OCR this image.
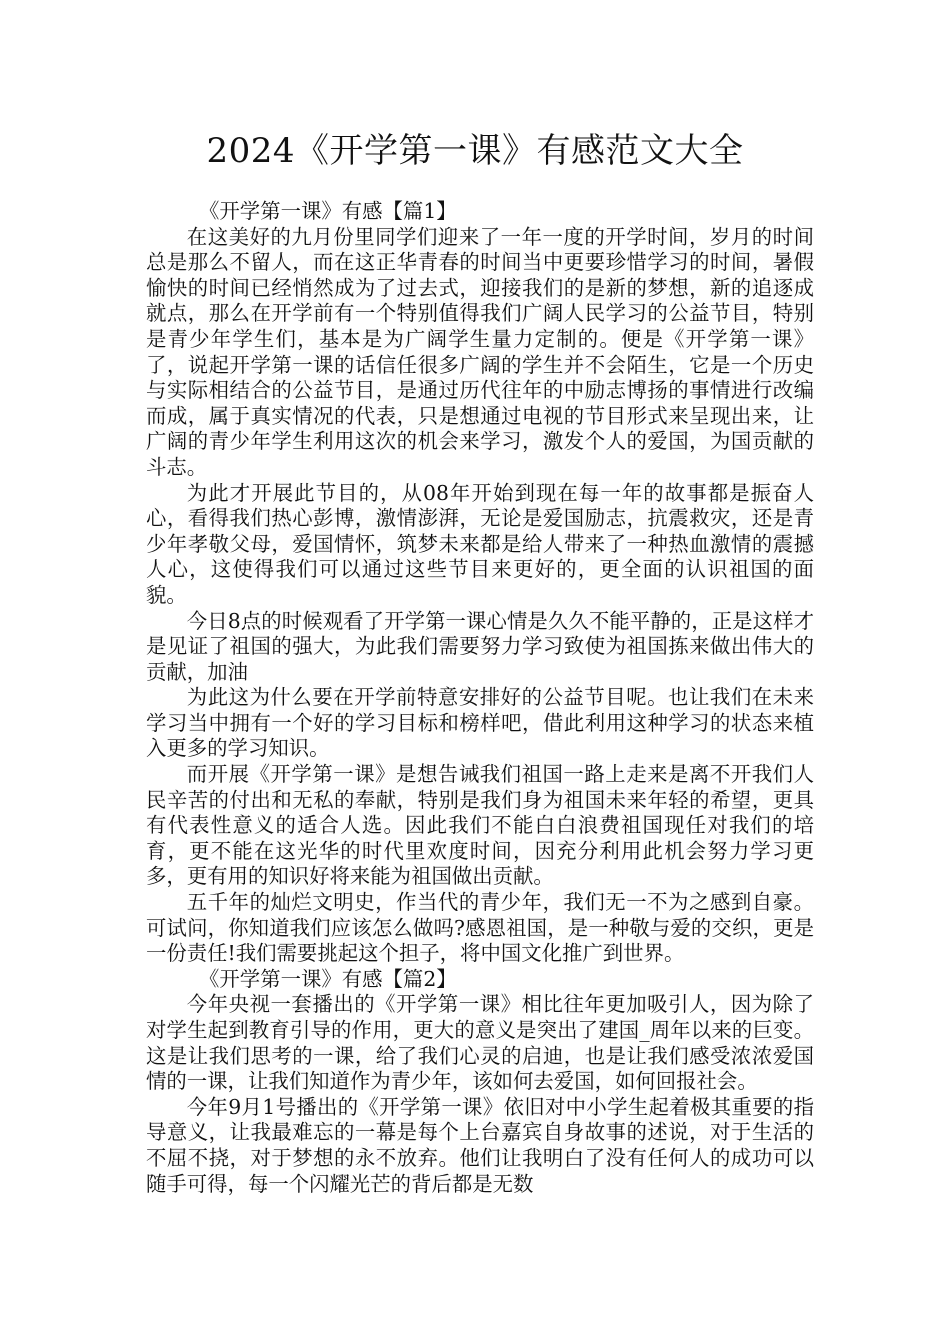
2024《开学第一课》有感范文大全

《开学第一课》有感【篇1】

在这美好的九月份里同学们迎来了一年一度的开学时间，岁月的时间总是那么不留人，而在这正华青春的时间当中更要珍惜学习的时间，暑假愉快的时间已经悄然成为了过去式，迎接我们的是新的梦想，新的追逐成就点，那么在开学前有一个特别值得我们广阔人民学习的公益节目，特别是青少年学生们，基本是为广阔学生量力定制的。便是《开学第一课》了，说起开学第一课的话信任很多广阔的学生并不会陌生，它是一个历史与实际相结合的公益节目，是通过历代往年的中励志博扬的事情进行改编而成，属于真实情况的代表，只是想通过电视的节目形式来呈现出来，让广阔的青少年学生利用这次的机会来学习，激发个人的爱国，为国贡献的斗志。

为此才开展此节目的，从08年开始到现在每一年的故事都是振奋人心，看得我们热心彭博，激情澎湃，无论是爱国励志，抗震救灾，还是青少年孝敬父母，爱国情怀，筑梦未来都是给人带来了一种热血激情的震撼人心，这使得我们可以通过这些节目来更好的，更全面的认识祖国的面貌。

今日8点的时候观看了开学第一课心情是久久不能平静的，正是这样才是见证了祖国的强大，为此我们需要努力学习致使为祖国拣来做出伟大的贡献，加油

为此这为什么要在开学前特意安排好的公益节目呢。也让我们在未来学习当中拥有一个好的学习目标和榜样吧，借此利用这种学习的状态来植入更多的学习知识。

而开展《开学第一课》是想告诫我们祖国一路上走来是离不开我们人民辛苦的付出和无私的奉献，特别是我们身为祖国未来年轻的希望，更具有代表性意义的适合人选。因此我们不能白白浪费祖国现任对我们的培育，更不能在这光华的时代里欢度时间，因充分利用此机会努力学习更多，更有用的知识好将来能为祖国做出贡献。

五千年的灿烂文明史，作当代的青少年，我们无一不为之感到自豪。可试问，你知道我们应该怎么做吗?感恩祖国，是一种敬与爱的交织，更是一份责任!我们需要挑起这个担子，将中国文化推广到世界。

《开学第一课》有感【篇2】

今年央视一套播出的《开学第一课》相比往年更加吸引人，因为除了对学生起到教育引导的作用，更大的意义是突出了建国_周年以来的巨变。这是让我们思考的一课，给了我们心灵的启迪，也是让我们感受浓浓爱国情的一课，让我们知道作为青少年，该如何去爱国，如何回报社会。

今年9月1号播出的《开学第一课》依旧对中小学生起着极其重要的指导意义，让我最难忘的一幕是每个上台嘉宾自身故事的述说，对于生活的不屈不挠，对于梦想的永不放弃。他们让我明白了没有任何人的成功可以随手可得，每一个闪耀光芒的背后都是无数
